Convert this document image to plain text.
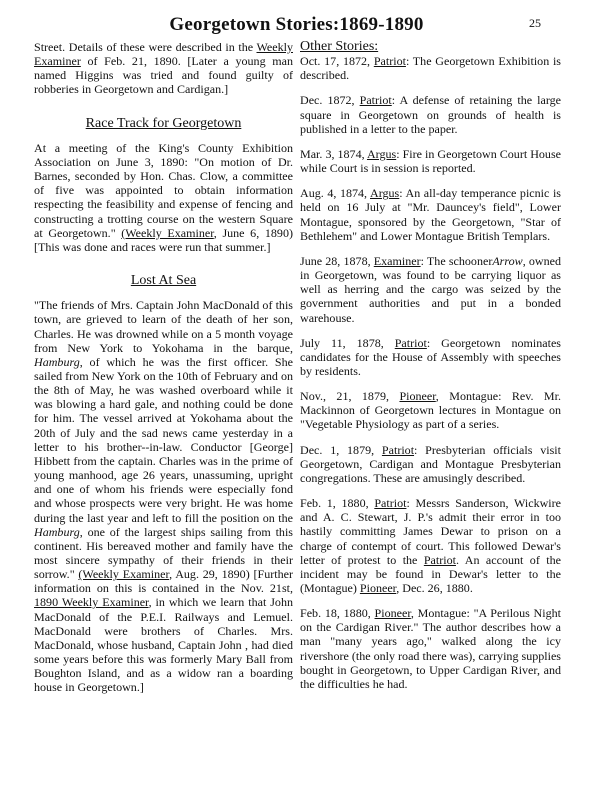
Georgetown Stories:1869-1890	25

Street. Details of these were described in the Weekly Examiner of Feb. 21, 1890. [Later a young man named Higgins was tried and found guilty of robberies in Georgetown and Cardigan.]

Race Track for Georgetown

At a meeting of the King's County Exhibition Association on June 3, 1890: "On motion of Dr. Barnes, seconded by Hon. Chas. Clow, a committee of five was appointed to obtain information respecting the feasibility and expense of fencing and constructing a trotting course on the western Square at Georgetown." (Weekly Examiner, June 6, 1890) [This was done and races were run that summer.]

Lost At Sea

"The friends of Mrs. Captain John MacDonald of this town, are grieved to learn of the death of her son, Charles. He was drowned while on a 5 month voyage from New York to Yokohama in the barque, Hamburg, of which he was the first officer. She sailed from New York on the 10th of February and on the 8th of May, he was washed overboard while it was blowing a hard gale, and nothing could be done for him. The vessel arrived at Yokohama about the 20th of July and the sad news came yesterday in a letter to his brother--in-law. Conductor [George] Hibbett from the captain. Charles was in the prime of young manhood, age 26 years, unassuming, upright and one of whom his friends were especially fond and whose prospects were very bright. He was home during the last year and left to fill the position on the Hamburg, one of the largest ships sailing from this continent. His bereaved mother and family have the most sincere sympathy of their friends in their sorrow." (Weekly Examiner, Aug. 29, 1890) [Further information on this is contained in the Nov. 21st, 1890 Weekly Examiner, in which we learn that John MacDonald of the P.E.I. Railways and Lemuel. MacDonald were brothers of Charles. Mrs. MacDonald, whose husband, Captain John , had died some years before this was formerly Mary Ball from Boughton Island, and as a widow ran a boarding house in Georgetown.]

Other Stories:

Oct. 17, 1872, Patriot: The Georgetown Exhibition is described.

Dec. 1872, Patriot: A defense of retaining the large square in Georgetown on grounds of health is published in a letter to the paper.

Mar. 3, 1874, Argus: Fire in Georgetown Court House while Court is in session is reported.

Aug. 4, 1874, Argus: An all-day temperance picnic is held on 16 July at "Mr. Dauncey's field", Lower Montague, sponsored by the Georgetown, "Star of Bethlehem" and Lower Montague British Templars.

June 28, 1878, Examiner: The schoonerArrow, owned in Georgetown, was found to be carrying liquor as well as herring and the cargo was seized by the government authorities and put in a bonded warehouse.

July 11, 1878, Patriot: Georgetown nominates candidates for the House of Assembly with speeches by residents.

Nov., 21, 1879, Pioneer, Montague: Rev. Mr. Mackinnon of Georgetown lectures in Montague on "Vegetable Physiology as part of a series.

Dec. 1, 1879, Patriot: Presbyterian officials visit Georgetown, Cardigan and Montague Presbyterian congregations. These are amusingly described.

Feb. 1, 1880, Patriot: Messrs Sanderson, Wickwire and A. C. Stewart, J. P.'s admit their error in too hastily committing James Dewar to prison on a charge of contempt of court. This followed Dewar's letter of protest to the Patriot. An account of the incident may be found in Dewar's letter to the (Montague) Pioneer, Dec. 26, 1880.

Feb. 18, 1880, Pioneer, Montague: "A Perilous Night on the Cardigan River." The author describes how a man "many years ago," walked along the icy rivershore (the only road there was), carrying supplies bought in Georgetown, to Upper Cardigan River, and the difficulties he had.
